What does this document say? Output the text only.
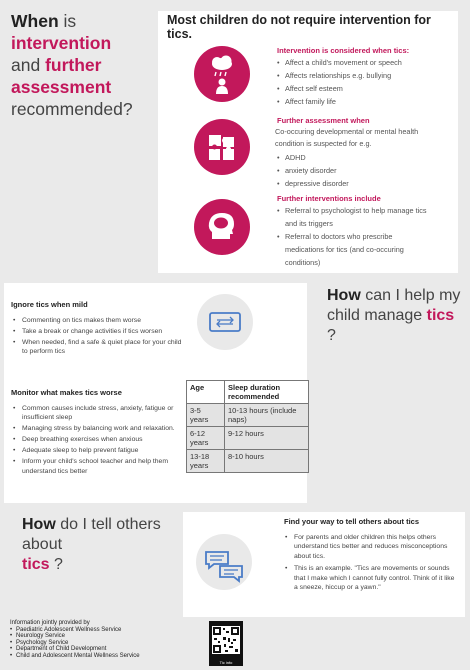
When is
intervention
and further
assessment
recommended?
Most children do not require intervention for tics.
Intervention is considered when tics:
• Affect a child's movement or speech
• Affects relationships e.g. bullying
• Affect self esteem
• Affect family life
Further assessment when
Co-occuring developmental or mental health condition is suspected for e.g.
• ADHD
• anxiety disorder
• depressive disorder
Further interventions include
• Referral to psychologist to help manage tics and its triggers
• Referral to doctors who prescribe medications for tics (and co-occuring conditions)
Ignore tics when mild
• Commenting on tics makes them worse
• Take a break or change activities if tics worsen
• When needed, find a safe & quiet place for your child to perform tics
Monitor what makes tics worse
• Common causes include stress, anxiety, fatigue or insufficient sleep
• Managing stress by balancing work and relaxation.
• Deep breathing exercises when anxious
• Adequate sleep to help prevent fatigue
• Inform your child's school teacher and help them understand tics better
Age	Sleep duration recommended
3-5 years	10-13 hours (include naps)
6-12 years	9-12 hours
13-18 years	8-10 hours
How can I help my child manage tics ?
How do I tell others about
tics ?
Find your way to tell others about tics
• For parents and older children this helps others understand tics better and reduces misconceptions about tics.
• This is an example. "Tics are movements or sounds that I make which I cannot fully control. Think of it like a sneeze, hiccup or a yawn."
Information jointly provided by
• Paediatric Adolescent Wellness Service
• Neurology Service
• Psychology Service
• Department of Child Development
• Child and Adolescent Mental Wellness Service
Tic info
